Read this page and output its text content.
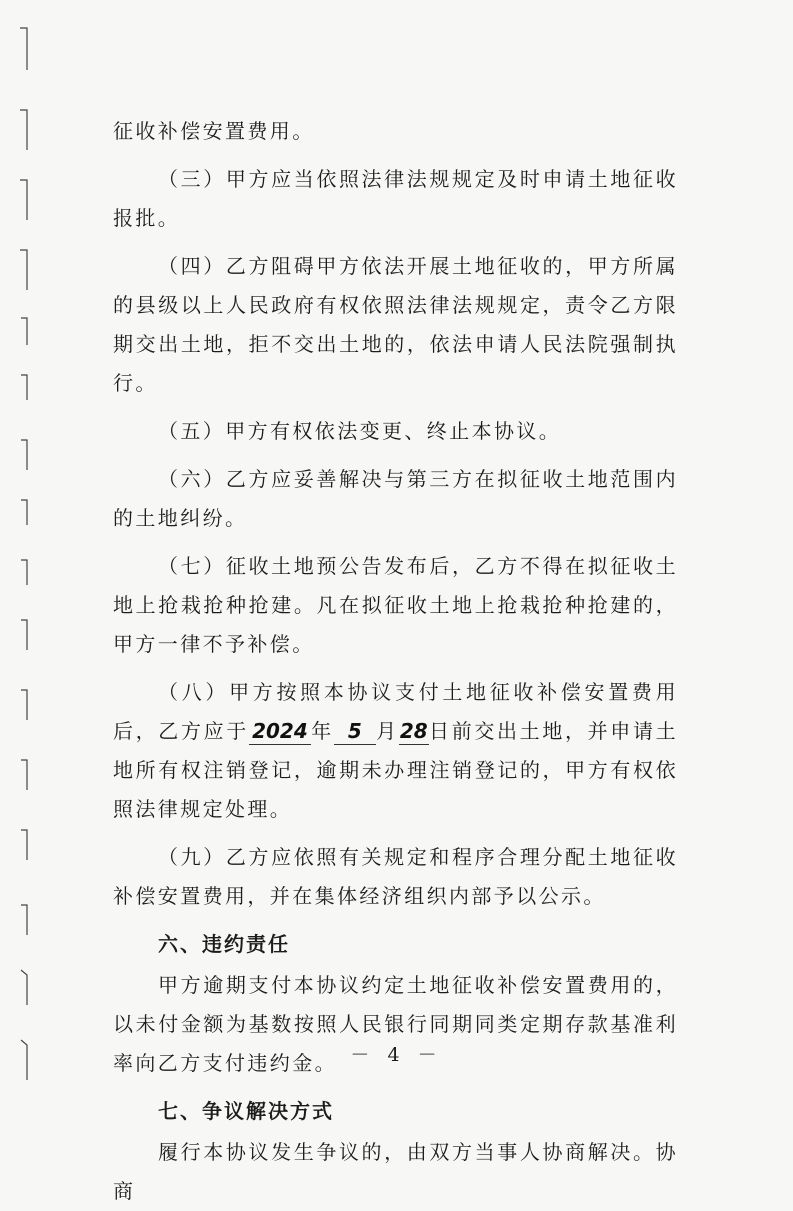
征收补偿安置费用。

（三）甲方应当依照法律法规规定及时申请土地征收报批。

（四）乙方阻碍甲方依法开展土地征收的，甲方所属的县级以上人民政府有权依照法律法规规定，责令乙方限期交出土地，拒不交出土地的，依法申请人民法院强制执行。

（五）甲方有权依法变更、终止本协议。

（六）乙方应妥善解决与第三方在拟征收土地范围内的土地纠纷。

（七）征收土地预公告发布后，乙方不得在拟征收土地上抢栽抢种抢建。凡在拟征收土地上抢栽抢种抢建的，甲方一律不予补偿。

（八）甲方按照本协议支付土地征收补偿安置费用后，乙方应于 2024 年 5 月28日前交出土地，并申请土地所有权注销登记，逾期未办理注销登记的，甲方有权依照法律规定处理。

（九）乙方应依照有关规定和程序合理分配土地征收补偿安置费用，并在集体经济组织内部予以公示。

六、违约责任

甲方逾期支付本协议约定土地征收补偿安置费用的，以未付金额为基数按照人民银行同期同类定期存款基准利率向乙方支付违约金。

七、争议解决方式

履行本协议发生争议的，由双方当事人协商解决。协商

－ 4 －
